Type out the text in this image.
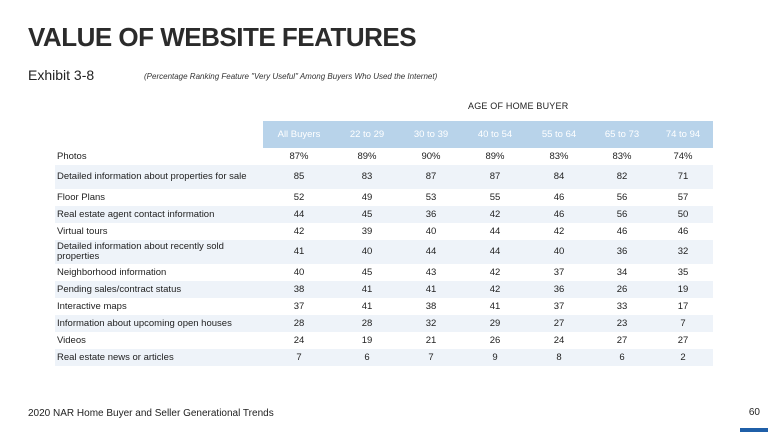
VALUE OF WEBSITE FEATURES
Exhibit 3-8	(Percentage Ranking Feature "Very Useful" Among Buyers Who Used the Internet)
AGE OF HOME BUYER
	All Buyers	22 to 29	30 to 39	40 to 54	55 to 64	65 to 73	74 to 94
Photos	87%	89%	90%	89%	83%	83%	74%
Detailed information about properties for sale	85	83	87	87	84	82	71
Floor Plans	52	49	53	55	46	56	57
Real estate agent contact information	44	45	36	42	46	56	50
Virtual tours	42	39	40	44	42	46	46
Detailed information about recently sold properties	41	40	44	44	40	36	32
Neighborhood information	40	45	43	42	37	34	35
Pending sales/contract status	38	41	41	42	36	26	19
Interactive maps	37	41	38	41	37	33	17
Information about upcoming open houses	28	28	32	29	27	23	7
Videos	24	19	21	26	24	27	27
Real estate news or articles	7	6	7	9	8	6	2
2020 NAR Home Buyer and Seller Generational Trends	60
